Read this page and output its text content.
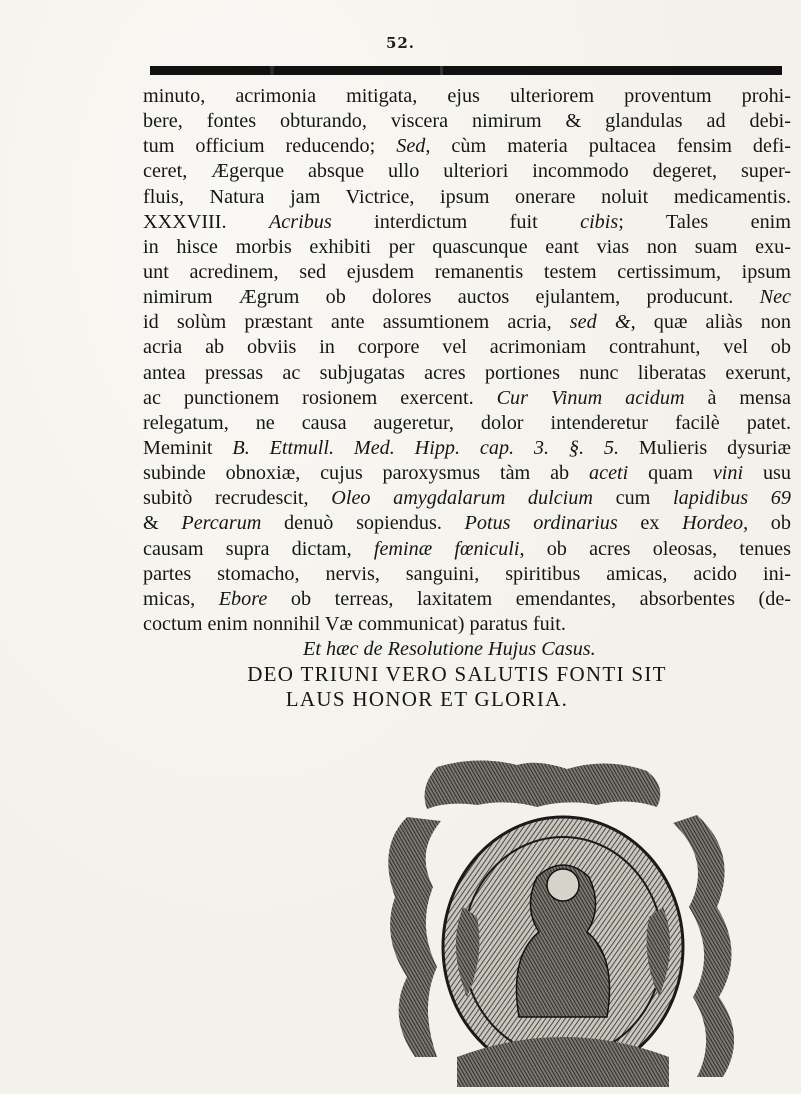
52.
minuto, acrimonia mitigata, ejus ulteriorem proventum prohi-
bere, fontes obturando, viscera nimirum & glandulas ad debi-
tum officium reducendo; Sed, cùm materia pultacea fensim defi-
ceret, Ægerque absque ullo ulteriori incommodo degeret, super-
fluis, Natura jam Victrice, ipsum onerare noluit medicamentis.
XXXVIII. Acribus interdictum fuit cibis; Tales enim
in hisce morbis exhibiti per quascunque eant vias non suam exu-
unt acredinem, sed ejusdem remanentis testem certissimum, ipsum
nimirum Ægrum ob dolores auctos ejulantem, producunt. Nec
id solùm præstant ante assumtionem acria, sed &, quæ aliàs non
acria ab obviis in corpore vel acrimoniam contrahunt, vel ob
antea pressas ac subjugatas acres portiones nunc liberatas exerunt,
ac punctionem rosionem exercent. Cur Vinum acidum à mensa
relegatum, ne causa augeretur, dolor intenderetur facilè patet.
Meminit B. Ettmull. Med. Hipp. cap. 3. §. 5. Mulieris dysuriæ
subinde obnoxiæ, cujus paroxysmus tàm ab aceti quam vini usu
subitò recrudescit, Oleo amygdalarum dulcium cum lapidibus 69
& Percarum denuò sopiendus. Potus ordinarius ex Hordeo, ob
causam supra dictam, feminæ fœniculi, ob acres oleosas, tenues
partes stomacho, nervis, sanguini, spiritibus amicas, acido ini-
micas, Ebore ob terreas, laxitatem emendantes, absorbentes (de-
coctum enim nonnihil Væ communicat) paratus fuit.
Et hæc de Resolutione Hujus Casus.
DEO TRIUNI VERO SALUTIS FONTI SIT
LAUS HONOR ET GLORIA.
